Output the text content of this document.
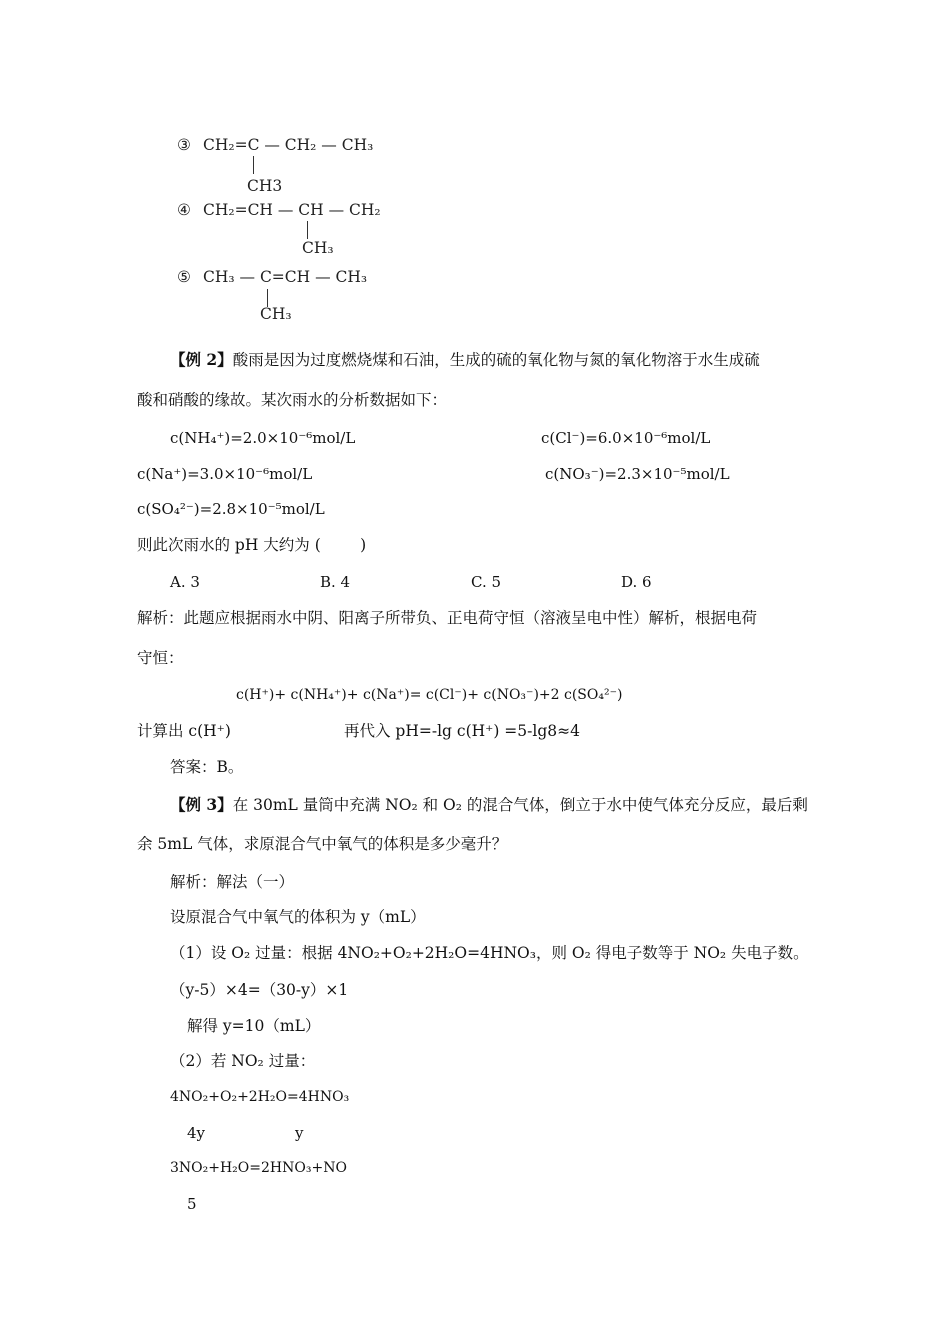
③ CH₂=C — CH₂ — CH₃
CH3
④ CH₂=CH — CH — CH₂
CH₃
⑤ CH₃ — C=CH — CH₃
CH₃
【例 2】酸雨是因为过度燃烧煤和石油，生成的硫的氧化物与氮的氧化物溶于水生成硫
酸和硝酸的缘故。某次雨水的分析数据如下：
c(NH₄⁺)=2.0×10⁻⁶mol/L	c(Cl⁻)=6.0×10⁻⁶mol/L
c(Na⁺)=3.0×10⁻⁶mol/L	c(NO₃⁻)=2.3×10⁻⁵mol/L
c(SO₄²⁻)=2.8×10⁻⁵mol/L
则此次雨水的 pH 大约为 (        )
A. 3	B. 4	C. 5	D. 6
解析：此题应根据雨水中阴、阳离子所带负、正电荷守恒（溶液呈电中性）解析，根据电荷
守恒：
c(H⁺)+ c(NH₄⁺)+ c(Na⁺)= c(Cl⁻)+ c(NO₃⁻)+2 c(SO₄²⁻)
计算出 c(H⁺)	再代入 pH=-lg c(H⁺) =5-lg8≈4
答案：B。
【例 3】在 30mL 量筒中充满 NO₂ 和 O₂ 的混合气体，倒立于水中使气体充分反应，最后剩
余 5mL 气体，求原混合气中氧气的体积是多少毫升？
解析：解法（一）
设原混合气中氧气的体积为 y（mL）
（1）设 O₂ 过量：根据 4NO₂+O₂+2H₂O=4HNO₃，则 O₂ 得电子数等于 NO₂ 失电子数。
（y-5）×4=（30-y）×1
解得 y=10（mL）
（2）若 NO₂ 过量：
4NO₂+O₂+2H₂O=4HNO₃
4y	y
3NO₂+H₂O=2HNO₃+NO
5
